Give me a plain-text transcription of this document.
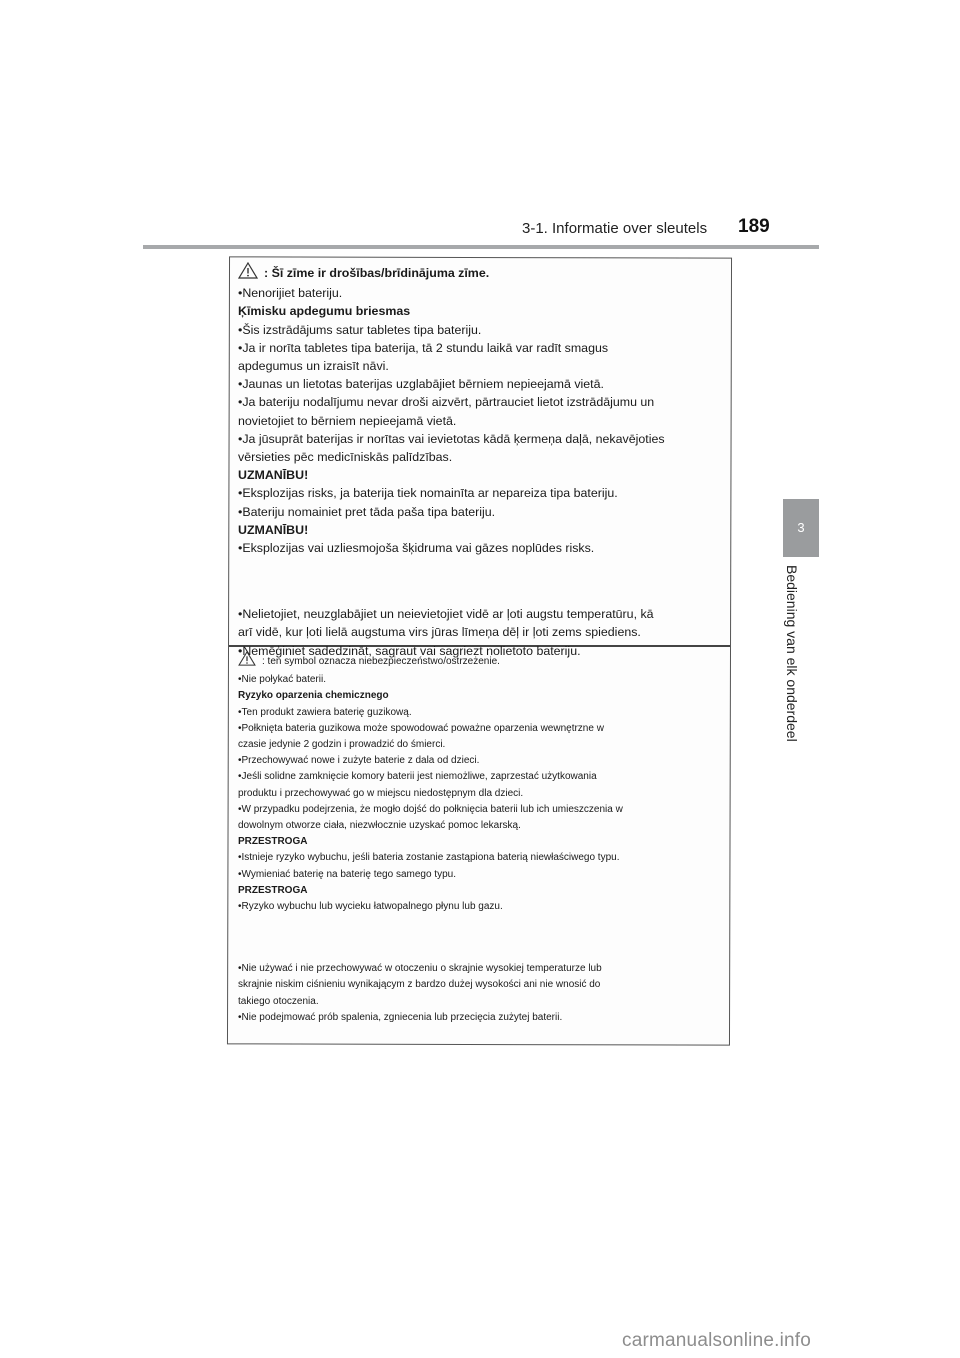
3-1. Informatie over sleutels 189
3
Bediening van elk onderdeel
: Šī zīme ir drošības/brīdinājuma zīme.

•Nenorijiet bateriju.

Ķīmisku apdegumu briesmas

•Šis izstrādājums satur tabletes tipa bateriju.

•Ja ir norīta tabletes tipa baterija, tā 2 stundu laikā var radīt smagus

apdegumus un izraisīt nāvi.

•Jaunas un lietotas baterijas uzglabājiet bērniem nepieejamā vietā.

•Ja bateriju nodalījumu nevar droši aizvērt, pārtrauciet lietot izstrādājumu un

novietojiet to bērniem nepieejamā vietā.

•Ja jūsuprāt baterijas ir norītas vai ievietotas kādā ķermeņa daļā, nekavējoties

vērsieties pēc medicīniskās palīdzības.

UZMANĪBU!

•Eksplozijas risks, ja baterija tiek nomainīta ar nepareiza tipa bateriju.

•Bateriju nomainiet pret tāda paša tipa bateriju.

UZMANĪBU!

•Eksplozijas vai uzliesmojoša šķidruma vai gāzes noplūdes risks.

•Nelietojiet, neuzglabājiet un neievietojiet vidē ar ļoti augstu temperatūru, kā

arī vidē, kur ļoti lielā augstuma virs jūras līmeņa dēļ ir ļoti zems spiediens.

•Nemēģiniet sadedzināt, sagraut vai sagriezt nolietoto bateriju.

: ten symbol oznacza niebezpieczeństwo/ostrzeżenie.

•Nie połykać baterii.

Ryzyko oparzenia chemicznego

•Ten produkt zawiera baterię guzikową.

•Połknięta bateria guzikowa może spowodować poważne oparzenia wewnętrzne w

czasie jedynie 2 godzin i prowadzić do śmierci.

•Przechowywać nowe i zużyte baterie z dala od dzieci.

•Jeśli solidne zamknięcie komory baterii jest niemożliwe, zaprzestać użytkowania

produktu i przechowywać go w miejscu niedostępnym dla dzieci.

•W przypadku podejrzenia, że mogło dojść do połknięcia baterii lub ich umieszczenia w

dowolnym otworze ciała, niezwłocznie uzyskać pomoc lekarską.

PRZESTROGA

•Istnieje ryzyko wybuchu, jeśli bateria zostanie zastąpiona baterią niewłaściwego typu.

•Wymieniać baterię na baterię tego samego typu.

PRZESTROGA

•Ryzyko wybuchu lub wycieku łatwopalnego płynu lub gazu.

•Nie używać i nie przechowywać w otoczeniu o skrajnie wysokiej temperaturze lub

skrajnie niskim ciśnieniu wynikającym z bardzo dużej wysokości ani nie wnosić do

takiego otoczenia.

•Nie podejmować prób spalenia, zgniecenia lub przecięcia zużytej baterii.

carmanualsonline.info
